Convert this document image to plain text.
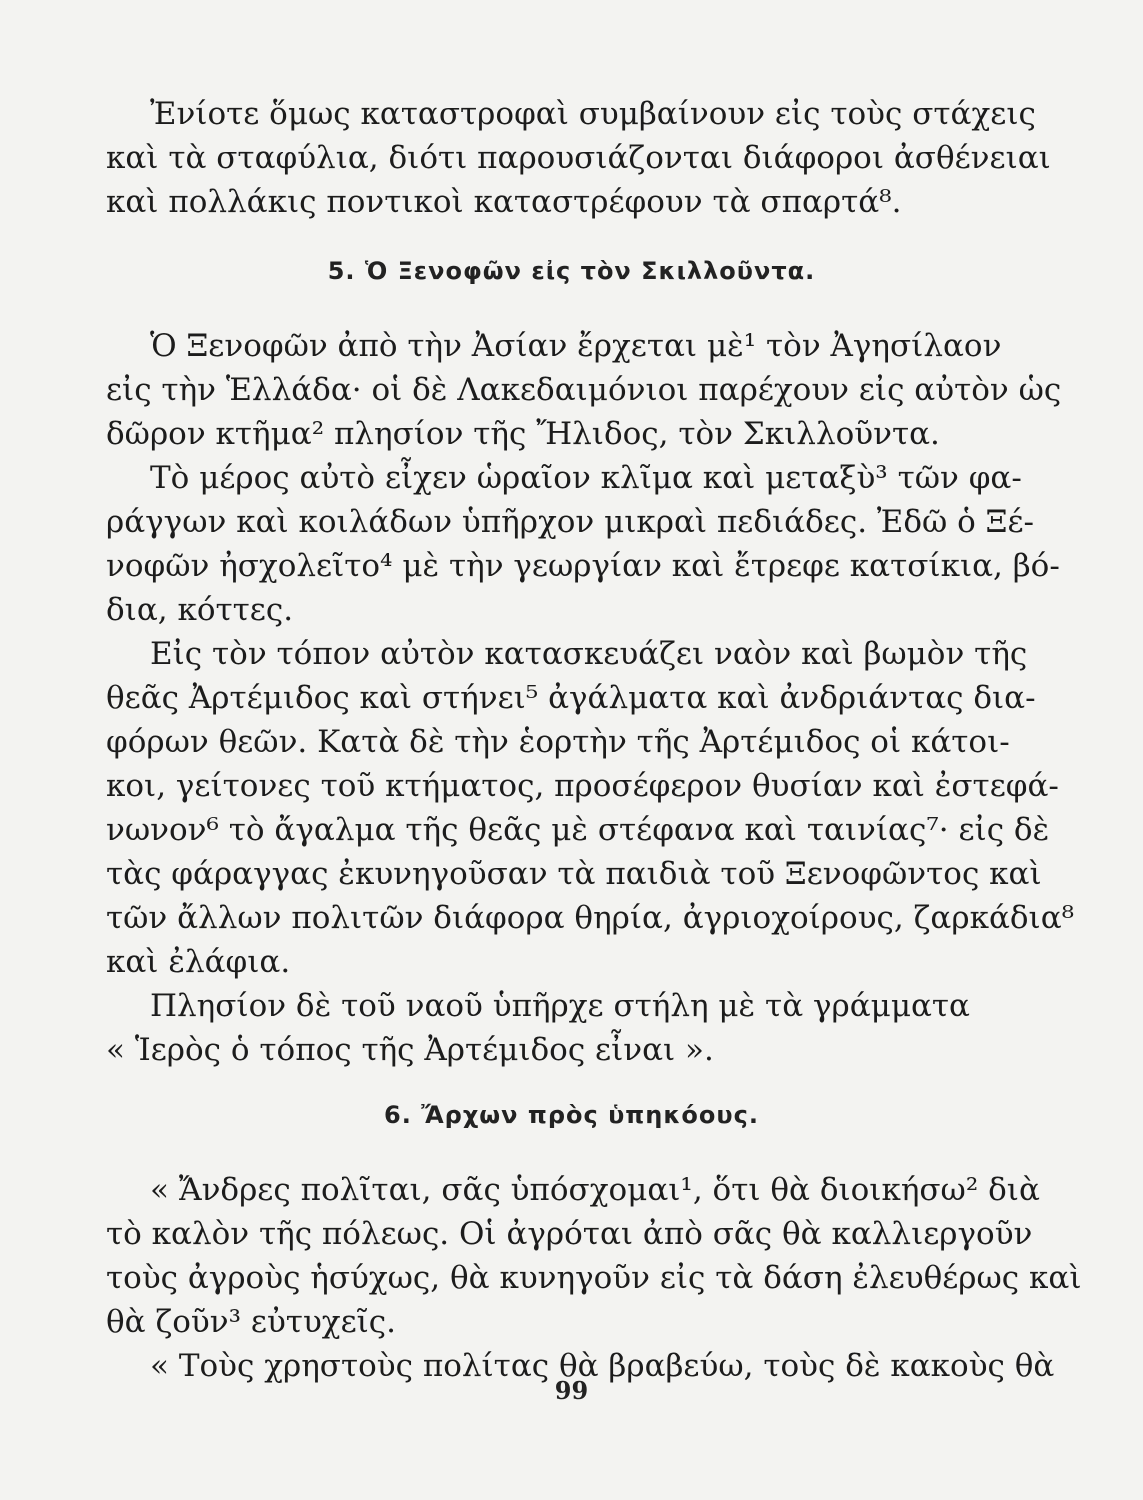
Ἐνίοτε ὅμως καταστροφαὶ συμβαίνουν εἰς τοὺς στάχεις
καὶ τὰ σταφύλια, διότι παρουσιάζονται διάφοροι ἀσθένειαι
καὶ πολλάκις ποντικοὶ καταστρέφουν τὰ σπαρτά⁸.
5. Ὁ Ξενοφῶν εἰς τὸν Σκιλλοῦντα.
Ὁ Ξενοφῶν ἀπὸ τὴν Ἀσίαν ἔρχεται μὲ¹ τὸν Ἀγησίλαον
εἰς τὴν Ἑλλάδα· οἱ δὲ Λακεδαιμόνιοι παρέχουν εἰς αὐτὸν ὡς
δῶρον κτῆμα² πλησίον τῆς Ἤλιδος, τὸν Σκιλλοῦντα.
Τὸ μέρος αὐτὸ εἶχεν ὡραῖον κλῖμα καὶ μεταξὺ³ τῶν φα-
ράγγων καὶ κοιλάδων ὑπῆρχον μικραὶ πεδιάδες. Ἐδῶ ὁ Ξέ-
νοφῶν ἠσχολεῖτο⁴ μὲ τὴν γεωργίαν καὶ ἔτρεφε κατσίκια, βό-
δια, κόττες.
Εἰς τὸν τόπον αὐτὸν κατασκευάζει ναὸν καὶ βωμὸν τῆς
θεᾶς Ἀρτέμιδος καὶ στήνει⁵ ἀγάλματα καὶ ἀνδριάντας δια-
φόρων θεῶν. Κατὰ δὲ τὴν ἑορτὴν τῆς Ἀρτέμιδος οἱ κάτοι-
κοι, γείτονες τοῦ κτήματος, προσέφερον θυσίαν καὶ ἐστεφά-
νωνον⁶ τὸ ἄγαλμα τῆς θεᾶς μὲ στέφανα καὶ ταινίας⁷· εἰς δὲ
τὰς φάραγγας ἐκυνηγοῦσαν τὰ παιδιὰ τοῦ Ξενοφῶντος καὶ
τῶν ἄλλων πολιτῶν διάφορα θηρία, ἀγριοχοίρους, ζαρκάδια⁸
καὶ ἐλάφια.
Πλησίον δὲ τοῦ ναοῦ ὑπῆρχε στήλη μὲ τὰ γράμματα
« Ἱερὸς ὁ τόπος τῆς Ἀρτέμιδος εἶναι ».
6. Ἄρχων πρὸς ὑπηκόους.
« Ἄνδρες πολῖται, σᾶς ὑπόσχομαι¹, ὅτι θὰ διοικήσω² διὰ
τὸ καλὸν τῆς πόλεως. Οἱ ἀγρόται ἀπὸ σᾶς θὰ καλλιεργοῦν
τοὺς ἀγροὺς ἡσύχως, θὰ κυνηγοῦν εἰς τὰ δάση ἐλευθέρως καὶ
θὰ ζοῦν³ εὐτυχεῖς.
« Τοὺς χρηστοὺς πολίτας θὰ βραβεύω, τοὺς δὲ κακοὺς θὰ
99
